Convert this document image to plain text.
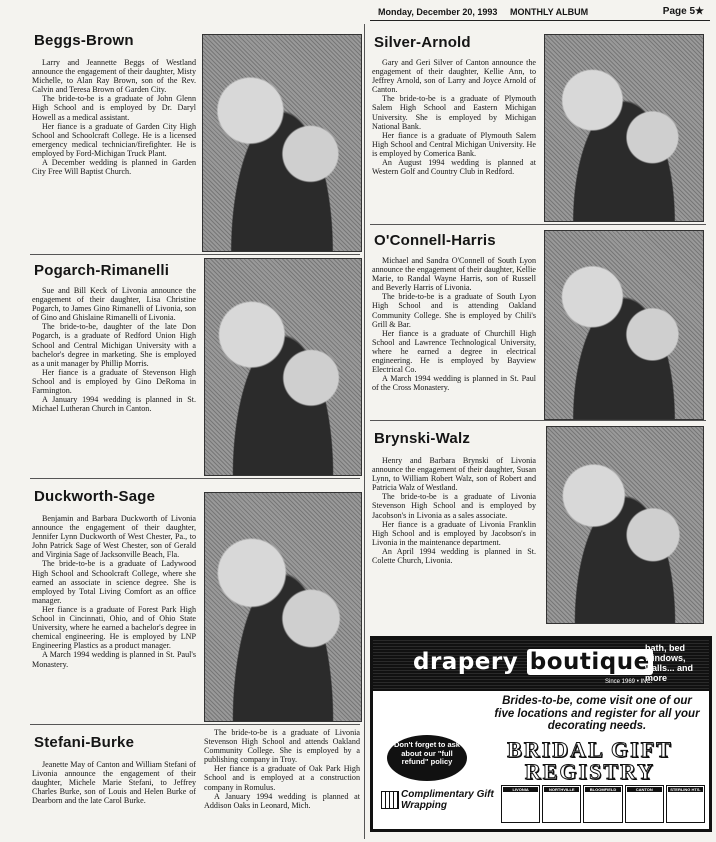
Monday, December 20, 1993 MONTHLY ALBUM	Page 5★
Beggs-Brown

Larry and Jeannette Beggs of Westland announce the engagement of their daughter, Misty Michelle, to Alan Ray Brown, son of the Rev. Calvin and Teresa Brown of Garden City.

The bride-to-be is a graduate of John Glenn High School and is employed by Dr. Daryl Howell as a medical assistant.

Her fiance is a graduate of Garden City High School and Schoolcraft College. He is a licensed emergency medical technician/firefighter. He is employed by Ford-Michigan Truck Plant.

A December wedding is planned in Garden City Free Will Baptist Church.

Pogarch-Rimanelli

Sue and Bill Keck of Livonia announce the engagement of their daughter, Lisa Christine Pogarch, to James Gino Rimanelli of Livonia, son of Gino and Ghislaine Rimanelli of Livonia.

The bride-to-be, daughter of the late Don Pogarch, is a graduate of Redford Union High School and Central Michigan University with a bachelor's degree in marketing. She is employed as a unit manager by Phillip Morris.

Her fiance is a graduate of Stevenson High School and is employed by Gino DeRoma in Farmington.

A January 1994 wedding is planned in St. Michael Lutheran Church in Canton.

Duckworth-Sage

Benjamin and Barbara Duckworth of Livonia announce the engagement of their daughter, Jennifer Lynn Duckworth of West Chester, Pa., to John Patrick Sage of West Chester, son of Gerald and Virginia Sage of Jacksonville Beach, Fla.

The bride-to-be is a graduate of Ladywood High School and Schoolcraft College, where she earned an associate in science degree. She is employed by Total Living Comfort as an office manager.

Her fiance is a graduate of Forest Park High School in Cincinnati, Ohio, and of Ohio State University, where he earned a bachelor's degree in chemical engineering. He is employed by LNP Engineering Plastics as a product manager.

A March 1994 wedding is planned in St. Paul's Monastery.

Stefani-Burke

Jeanette May of Canton and William Stefani of Livonia announce the engagement of their daughter, Michele Marie Stefani, to Jeffrey Charles Burke, son of Louis and Helen Burke of Dearborn and the late Carol Burke.

The bride-to-be is a graduate of Livonia Stevenson High School and attends Oakland Community College. She is employed by a publishing company in Troy.

Her fiance is a graduate of Oak Park High School and is employed at a construction company in Romulus.

A January 1994 wedding is planned at Addison Oaks in Leonard, Mich.

Silver-Arnold

Gary and Geri Silver of Canton announce the engagement of their daughter, Kellie Ann, to Jeffrey Arnold, son of Larry and Joyce Arnold of Canton.

The bride-to-be is a graduate of Plymouth Salem High School and Eastern Michigan University. She is employed by Michigan National Bank.

Her fiance is a graduate of Plymouth Salem High School and Central Michigan University. He is employed by Comerica Bank.

An August 1994 wedding is planned at Western Golf and Country Club in Redford.

O'Connell-Harris

Michael and Sandra O'Connell of South Lyon announce the engagement of their daughter, Kellie Marie, to Randal Wayne Harris, son of Russell and Beverly Harris of Livonia.

The bride-to-be is a graduate of South Lyon High School and is attending Oakland Community College. She is employed by Chili's Grill & Bar.

Her fiance is a graduate of Churchill High School and Lawrence Technological University, where he earned a degree in electrical engineering. He is employed by Bayview Electrical Co.

A March 1994 wedding is planned in St. Paul of the Cross Monastery.

Brynski-Walz

Henry and Barbara Brynski of Livonia announce the engagement of their daughter, Susan Lynn, to William Robert Walz, son of Robert and Patricia Walz of Westland.

The bride-to-be is a graduate of Livonia Stevenson High School and is employed by Jacobson's in Livonia as a sales associate.

Her fiance is a graduate of Livonia Franklin High School and is employed by Jacobson's in Livonia in the maintenance department.

An April 1994 wedding is planned in St. Colette Church, Livonia.

drapery boutique
Since 1969 • INC.
bath, bed windows, walls... and more
Brides-to-be, come visit one of our five locations and register for all your decorating needs.
Don't forget to ask about our "full refund" policy	BRIDAL GIFT REGISTRY
Complimentary Gift Wrapping
LIVONIA	NORTHVILLE	BLOOMFIELD	CANTON	STERLING HTS.
